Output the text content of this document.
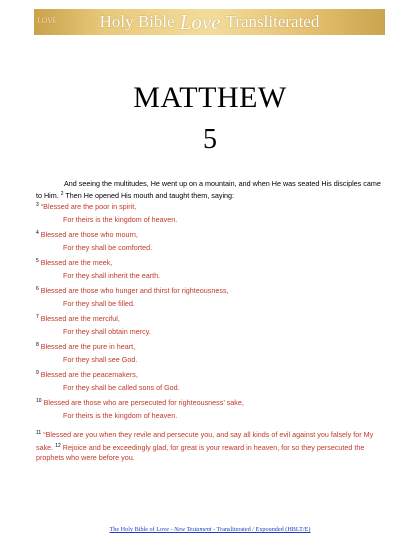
LOVE	Holy Bible Love Transliterated
MATTHEW
5
And seeing the multitudes, He went up on a mountain, and when He was seated His disciples came to Him. $^2$ Then He opened His mouth and taught them, saying:
$^3$ “Blessed are the poor in spirit,
For theirs is the kingdom of heaven.
$^4$ Blessed are those who mourn,
For they shall be comforted.
$^5$ Blessed are the meek,
For they shall inherit the earth.
$^6$ Blessed are those who hunger and thirst for righteousness,
For they shall be filled.
$^7$ Blessed are the merciful,
For they shall obtain mercy.
$^8$ Blessed are the pure in heart,
For they shall see God.
$^9$ Blessed are the peacemakers,
For they shall be called sons of God.
$^{10}$ Blessed are those who are persecuted for righteousness’ sake,
For theirs is the kingdom of heaven.
$^{11}$ “Blessed are you when they revile and persecute you, and say all kinds of evil against you falsely for My sake. $^{12}$ Rejoice and be exceedingly glad, for great is your reward in heaven, for so they persecuted the prophets who were before you.
The Holy Bible of Love - New Testament - Transliterated / Expounded (HBLT/E)
